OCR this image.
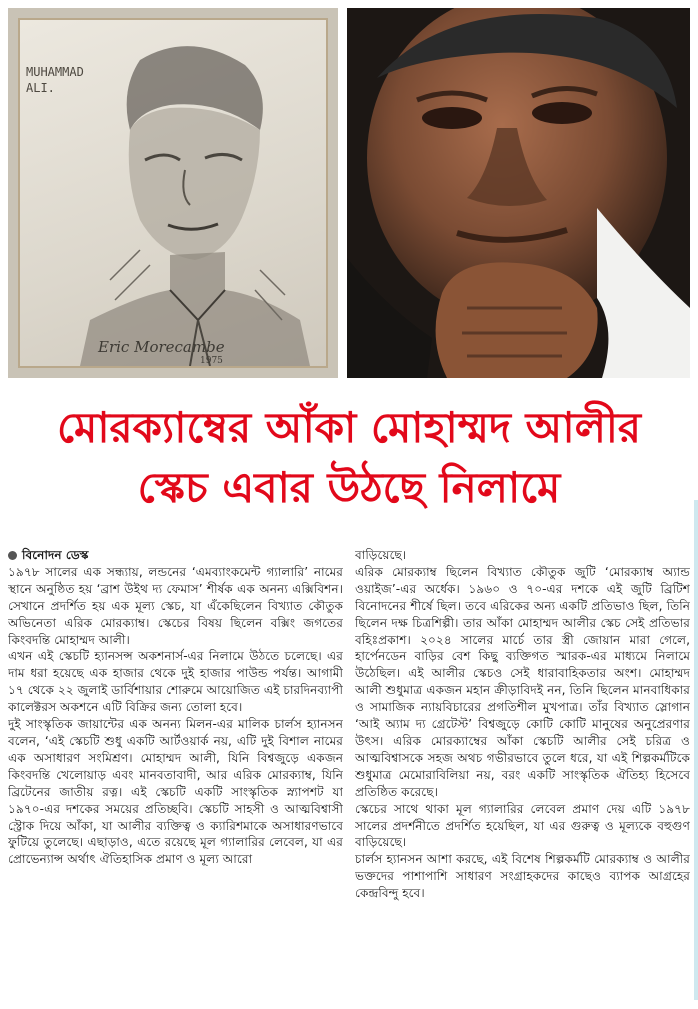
MUHAMMAD ALI.
Eric Morecambe
1975
মোরক্যাম্বের আঁকা মোহাম্মদ আলীর
স্কেচ এবার উঠছে নিলামে
বিনোদন ডেস্ক

১৯৭৮ সালের এক সন্ধ্যায়, লন্ডনের ‘এমব্যাংকমেন্ট গ্যালারি’ নামের স্থানে অনুষ্ঠিত হয় ‘ব্রাশ উইথ দ্য ফেমাস’ শীর্ষক এক অনন্য এক্সিবিশন। সেখানে প্রদর্শিত হয় এক মূল্য স্কেচ, যা এঁকেছিলেন বিখ্যাত কৌতুক অভিনেতা এরিক মোরক্যাম্ব। স্কেচের বিষয় ছিলেন বক্সিং জগতের কিংবদন্তি মোহাম্মদ আলী।

এখন এই স্কেচটি হ্যানসন্স অকশনার্স-এর নিলামে উঠতে চলেছে। এর দাম ধরা হয়েছে এক হাজার থেকে দুই হাজার পাউন্ড পর্যন্ত। আগামী ১৭ থেকে ২২ জুলাই ডার্বিশায়ার শোরুমে আয়োজিত এই চারদিনব্যাপী কালেক্টরস অকশনে এটি বিক্রির জন্য তোলা হবে।

দুই সাংস্কৃতিক জায়ান্টের এক অনন্য মিলন-এর মালিক চার্লস হ্যানসন বলেন, ‘এই স্কেচটি শুধু একটি আর্টওয়ার্ক নয়, এটি দুই বিশাল নামের এক অসাধারণ সংমিশ্রণ। মোহাম্মদ আলী, যিনি বিশ্বজুড়ে একজন কিংবদন্তি খেলোয়াড় এবং মানবতাবাদী, আর এরিক মোরক্যাম্ব, যিনি ব্রিটেনের জাতীয় রত্ন। এই স্কেচটি একটি সাংস্কৃতিক স্ন্যাপশট যা ১৯৭০-এর দশকের সময়ের প্রতিচ্ছবি। স্কেচটি সাহসী ও আত্মবিশ্বাসী স্ট্রোক দিয়ে আঁকা, যা আলীর ব্যক্তিত্ব ও ক্যারিশমাকে অসাধারণভাবে ফুটিয়ে তুলেছে। এছাড়াও, এতে রয়েছে মূল গ্যালারির লেবেল, যা এর প্রোভেন্যান্স অর্থাৎ ঐতিহাসিক প্রমাণ ও মূল্য আরো

বাড়িয়েছে।

এরিক মোরক্যাম্ব ছিলেন বিখ্যাত কৌতুক জুটি ‘মোরক্যাম্ব অ্যান্ড ওয়াইজ’-এর অর্ধেক। ১৯৬০ ও ৭০-এর দশকে এই জুটি ব্রিটিশ বিনোদনের শীর্ষে ছিল। তবে এরিকের অন্য একটি প্রতিভাও ছিল, তিনি ছিলেন দক্ষ চিত্রশিল্পী। তার আঁকা মোহাম্মদ আলীর স্কেচ সেই প্রতিভার বহিঃপ্রকাশ। ২০২৪ সালের মার্চে তার স্ত্রী জোয়ান মারা গেলে, হার্পেনডেন বাড়ির বেশ কিছু ব্যক্তিগত স্মারক-এর মাধ্যমে নিলামে উঠেছিল। এই আলীর স্কেচও সেই ধারাবাহিকতার অংশ। মোহাম্মদ আলী শুধুমাত্র একজন মহান ক্রীড়াবিদই নন, তিনি ছিলেন মানবাধিকার ও সামাজিক ন্যায়বিচারের প্রগতিশীল মুখপাত্র। তাঁর বিখ্যাত স্লোগান ‘আই অ্যাম দ্য গ্রেটেস্ট’ বিশ্বজুড়ে কোটি কোটি মানুষের অনুপ্রেরণার উৎস। এরিক মোরক্যাম্বের আঁকা স্কেচটি আলীর সেই চরিত্র ও আত্মবিশ্বাসকে সহজ অথচ গভীরভাবে তুলে ধরে, যা এই শিল্পকর্মটিকে শুধুমাত্র মেমোরাবিলিয়া নয়, বরং একটি সাংস্কৃতিক ঐতিহ্য হিসেবে প্রতিষ্ঠিত করেছে।

স্কেচের সাথে থাকা মূল গ্যালারির লেবেল প্রমাণ দেয় এটি ১৯৭৮ সালের প্রদর্শনীতে প্রদর্শিত হয়েছিল, যা এর গুরুত্ব ও মূল্যকে বহুগুণ বাড়িয়েছে।

চার্লস হ্যানসন আশা করছে, এই বিশেষ শিল্পকর্মটি মোরক্যাম্ব ও আলীর ভক্তদের পাশাপাশি সাধারণ সংগ্রাহকদের কাছেও ব্যাপক আগ্রহের কেন্দ্রবিন্দু হবে।
